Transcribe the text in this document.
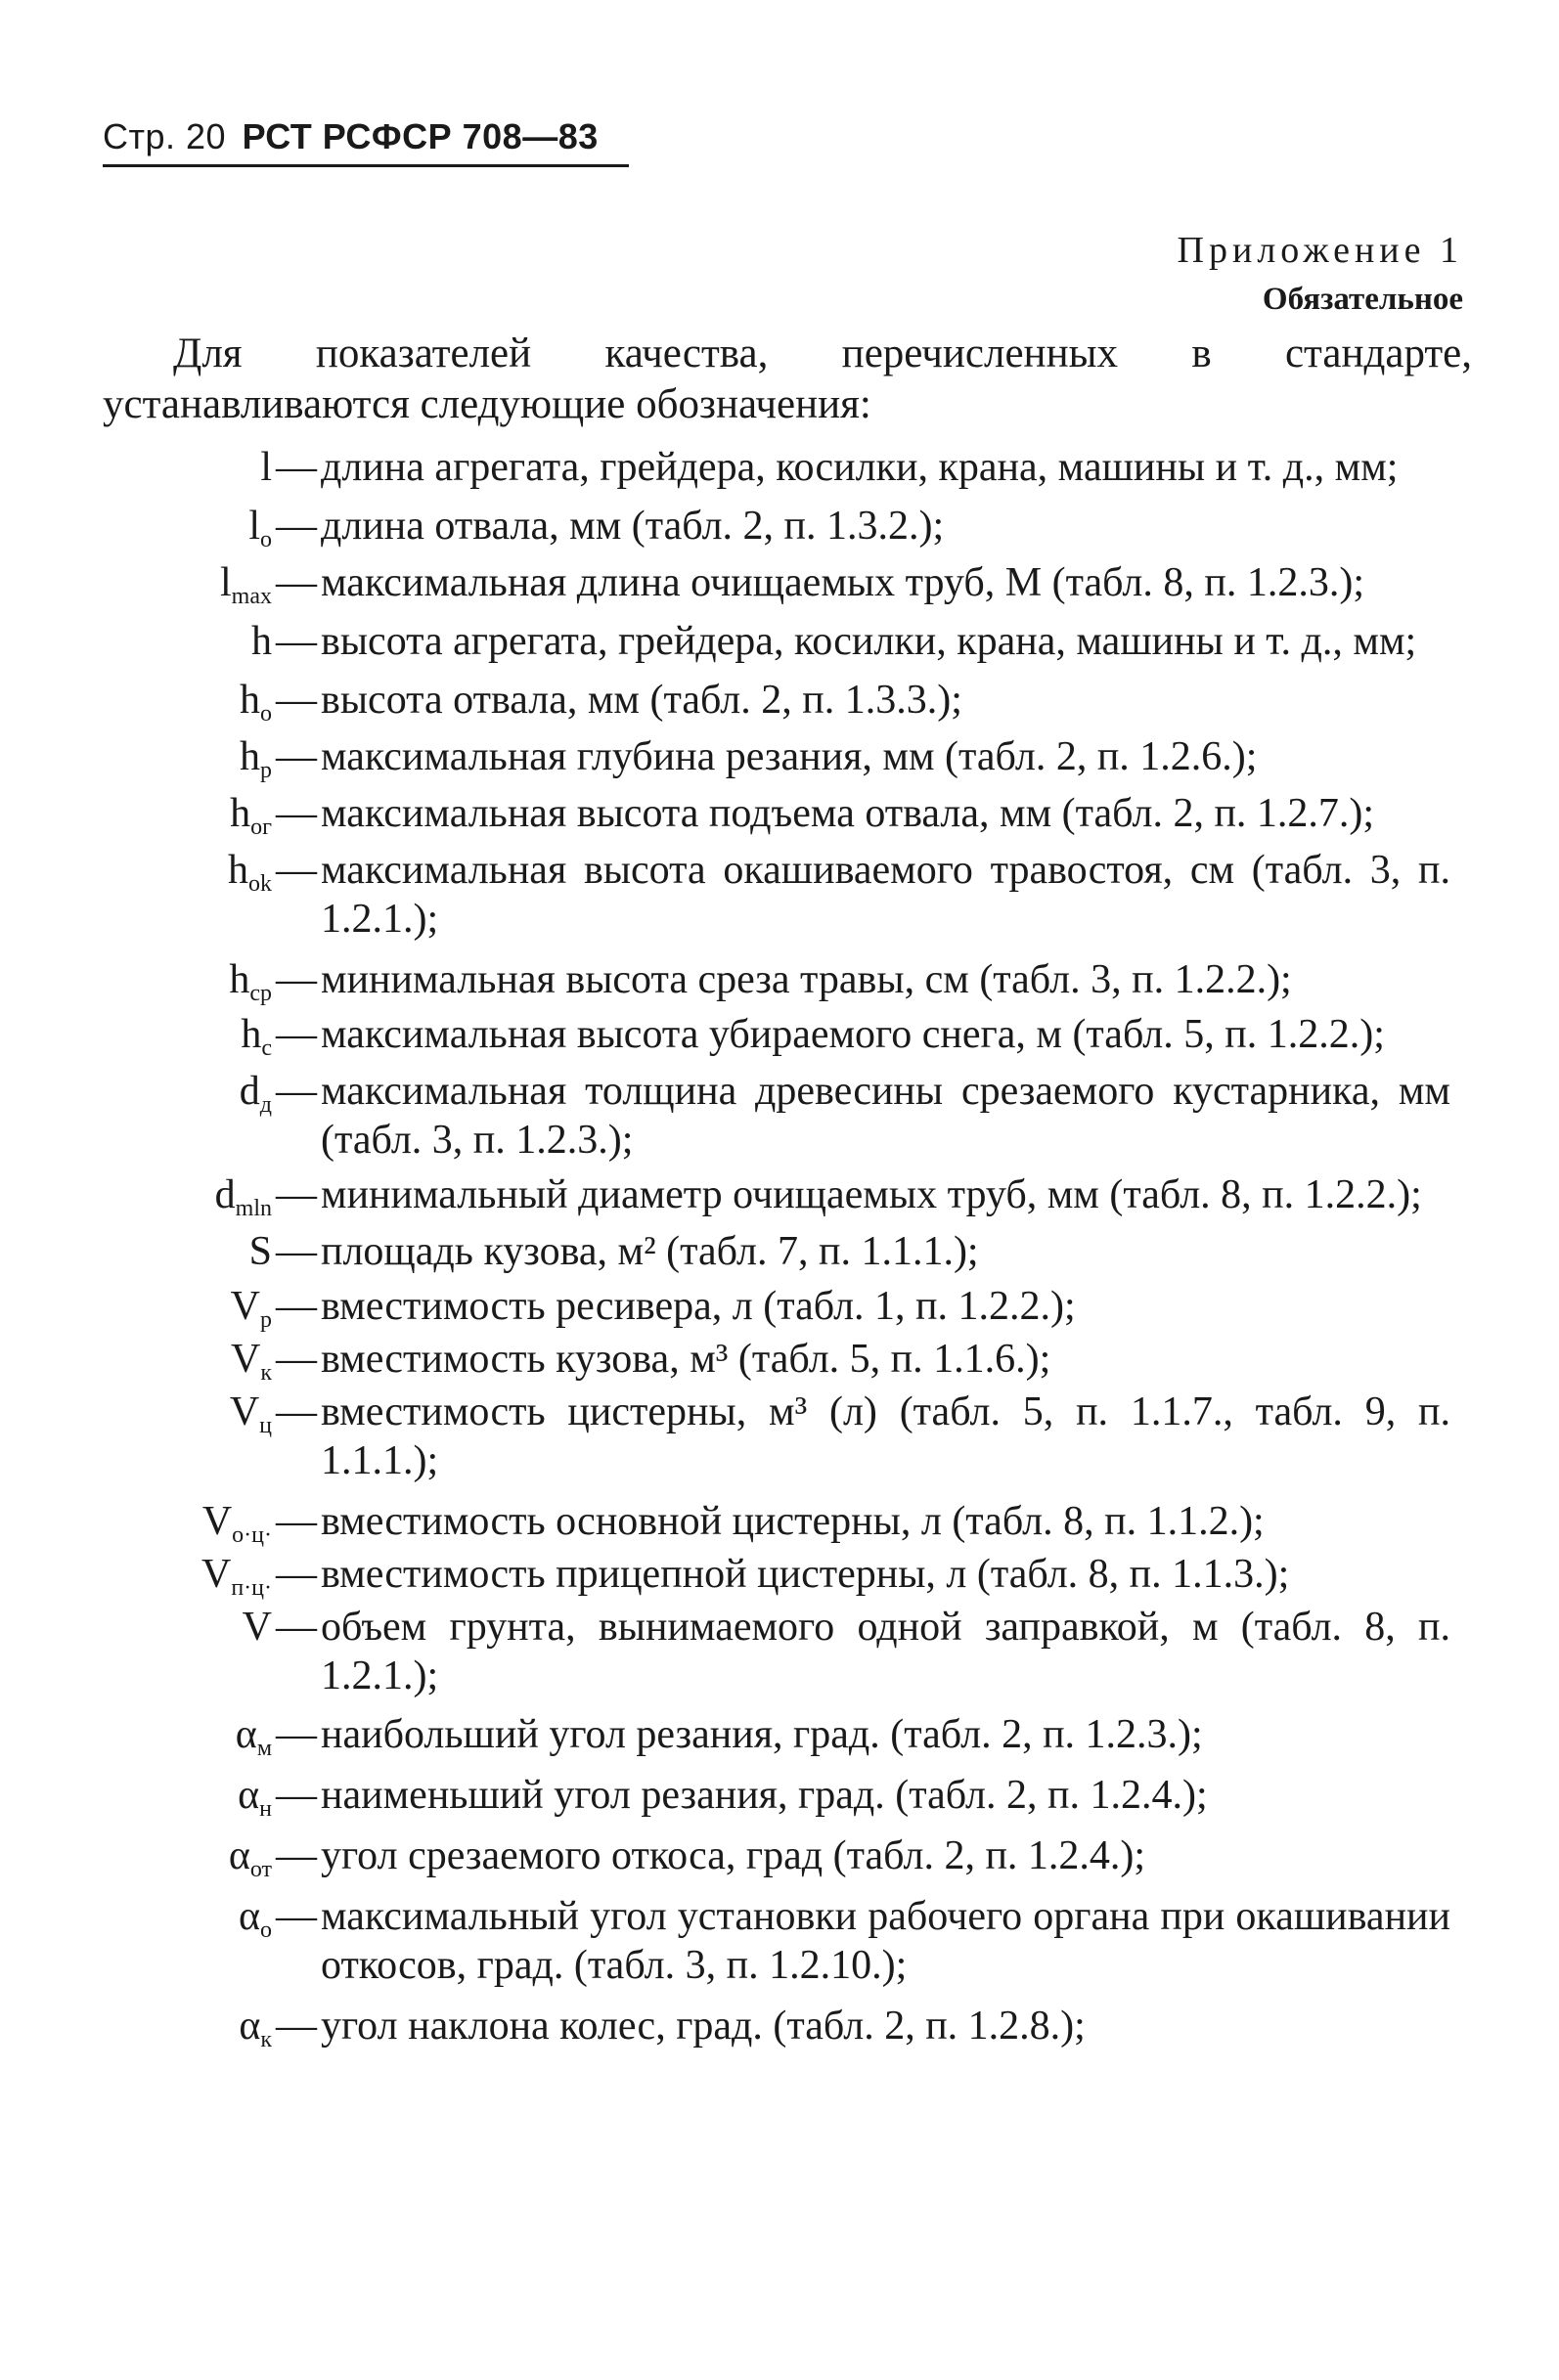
Стр. 20 РСТ РСФСР 708—83
Приложение 1
Обязательное
Для показателей качества, перечисленных в стандарте, устанавливаются следующие обозначения:
l — длина агрегата, грейдера, косилки, крана, машины и т. д., мм;
$l_о$ — длина отвала, мм (табл. 2, п. 1.3.2.);
$l_{max}$ — максимальная длина очищаемых труб, М (табл. 8, п. 1.2.3.);
h — высота агрегата, грейдера, косилки, крана, машины и т. д., мм;
$h_о$ — высота отвала, мм (табл. 2, п. 1.3.3.);
$h_р$ — максимальная глубина резания, мм (табл. 2, п. 1.2.6.);
$h_{ог}$ — максимальная высота подъема отвала, мм (табл. 2, п. 1.2.7.);
$h_{ok}$ — максимальная высота окашиваемого травостоя, см (табл. 3, п. 1.2.1.);
$h_{ср}$ — минимальная высота среза травы, см (табл. 3, п. 1.2.2.);
$h_с$ — максимальная высота убираемого снега, м (табл. 5, п. 1.2.2.);
$d_д$ — максимальная толщина древесины срезаемого кустарника, мм (табл. 3, п. 1.2.3.);
$d_{mln}$ — минимальный диаметр очищаемых труб, мм (табл. 8, п. 1.2.2.);
S — площадь кузова, м² (табл. 7, п. 1.1.1.);
$V_р$ — вместимость ресивера, л (табл. 1, п. 1.2.2.);
$V_к$ — вместимость кузова, м³ (табл. 5, п. 1.1.6.);
$V_ц$ — вместимость цистерны, м³ (л) (табл. 5, п. 1.1.7., табл. 9, п. 1.1.1.);
$V_{о\cdot ц\cdot}$ — вместимость основной цистерны, л (табл. 8, п. 1.1.2.);
$V_{п\cdot ц\cdot}$ — вместимость прицепной цистерны, л (табл. 8, п. 1.1.3.);
V — объем грунта, вынимаемого одной заправкой, м (табл. 8, п. 1.2.1.);
$\alpha_м$ — наибольший угол резания, град. (табл. 2, п. 1.2.3.);
$\alpha_н$ — наименьший угол резания, град. (табл. 2, п. 1.2.4.);
$\alpha_{от}$ — угол срезаемого откоса, град (табл. 2, п. 1.2.4.);
$\alpha_о$ — максимальный угол установки рабочего органа при окашивании откосов, град. (табл. 3, п. 1.2.10.);
$\alpha_к$ — угол наклона колес, град. (табл. 2, п. 1.2.8.);
